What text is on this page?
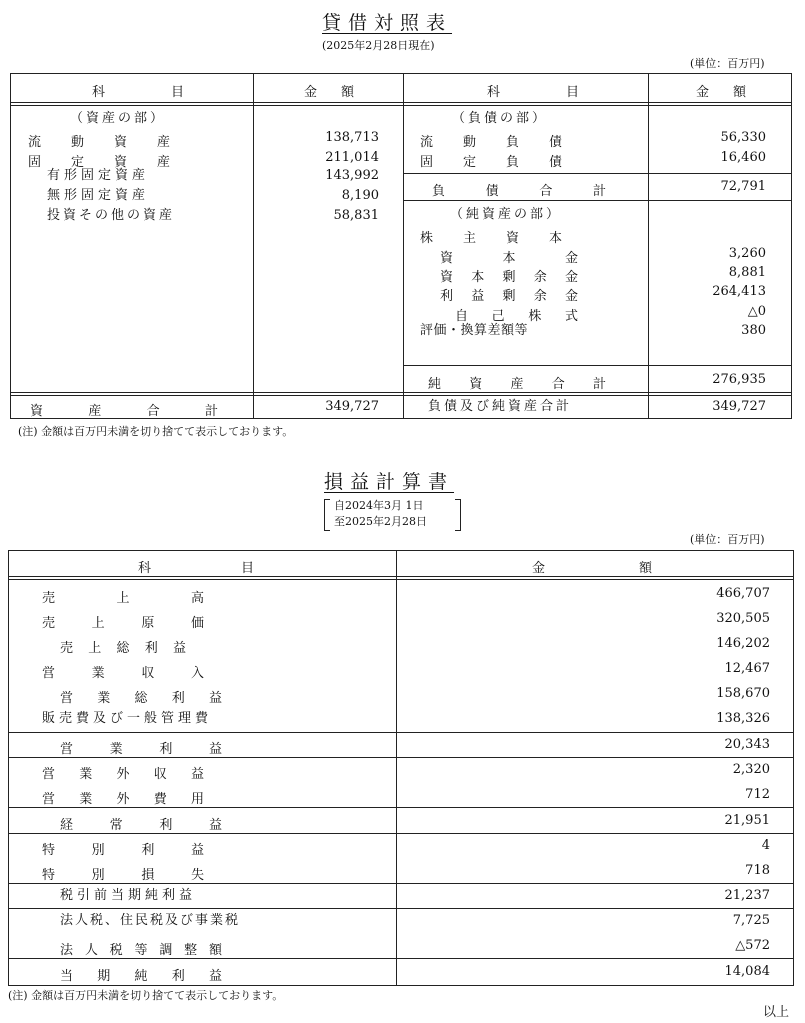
貸借対照表
(2025年2月28日現在)
(単位：百万円)
科	目	金 額	科	目	金 額
（資産の部）
流 動 資 産	138,713
固 定 資 産	211,014
有形固定資産	143,992
無形固定資産	8,190
投資その他の資産	58,831
資	産	合	計	349,727
（負債の部）
流 動 負 債	56,330
固 定 負 債	16,460
負	債	合	計	72,791
（純資産の部）
株 主 資 本
資	本	金	3,260
資 本 剰 余 金	8,881
利 益 剰 余 金	264,413
自 己 株 式	△0
評価・換算差額等	380
純 資 産 合 計	276,935
負債及び純資産合計	349,727
(注) 金額は百万円未満を切り捨てて表示しております。
損益計算書
自2024年3月 1日
至2025年2月28日
(単位：百万円)
科	目	金	額
売	上	高	466,707
売	上	原	価	320,505
売 上 総 利 益	146,202
営	業	収	入	12,467
営 業 総 利 益	158,670
販売費及び一般管理費	138,326
営	業	利	益	20,343
営 業 外 収 益	2,320
営 業 外 費 用	712
経	常	利	益	21,951
特	別	利	益	4
特	別	損	失	718
税引前当期純利益	21,237
法人税、住民税及び事業税	7,725
法 人 税 等 調 整 額	△572
当 期 純 利 益	14,084
(注) 金額は百万円未満を切り捨てて表示しております。
以上
